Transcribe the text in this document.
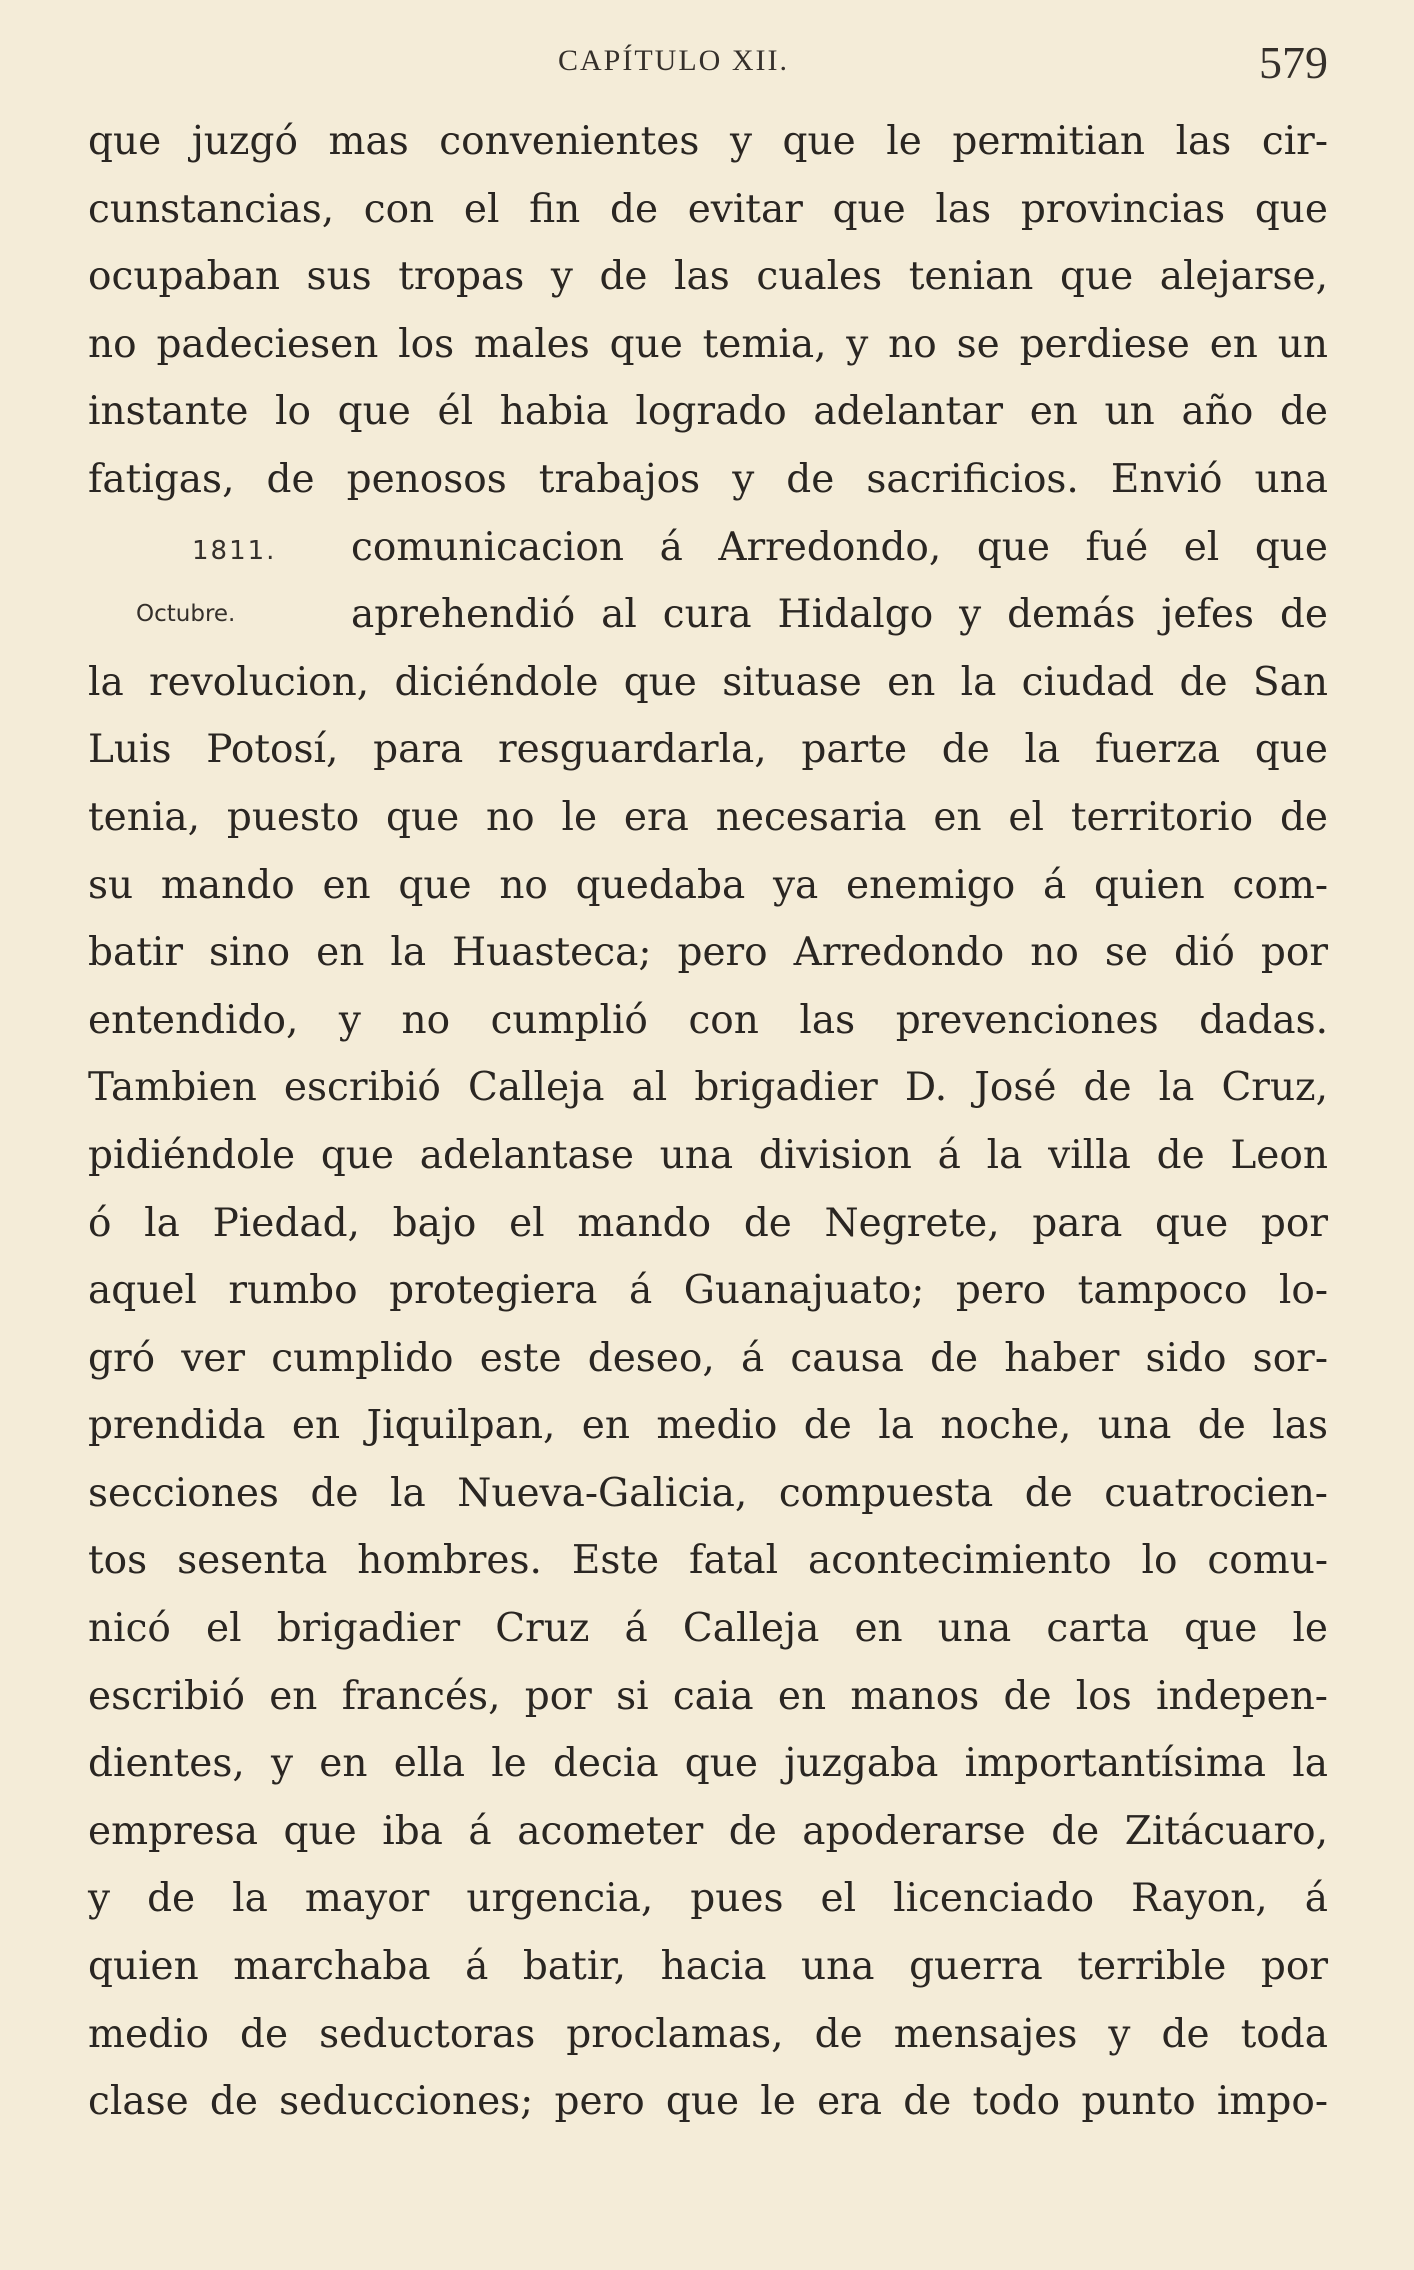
CAPÍTULO XII.	579
que juzgó mas convenientes y que le permitian las cir-
cunstancias, con el fin de evitar que las provincias que
ocupaban sus tropas y de las cuales tenian que alejarse,
no padeciesen los males que temia, y no se perdiese en un
instante lo que él habia logrado adelantar en un año de
fatigas, de penosos trabajos y de sacrificios. Envió una
1811. comunicacion á Arredondo, que fué el que
Octubre.	aprehendió al cura Hidalgo y demás jefes de
la revolucion, diciéndole que situase en la ciudad de San
Luis Potosí, para resguardarla, parte de la fuerza que
tenia, puesto que no le era necesaria en el territorio de
su mando en que no quedaba ya enemigo á quien com-
batir sino en la Huasteca; pero Arredondo no se dió por
entendido, y no cumplió con las prevenciones dadas.
Tambien escribió Calleja al brigadier D. José de la Cruz,
pidiéndole que adelantase una division á la villa de Leon
ó la Piedad, bajo el mando de Negrete, para que por
aquel rumbo protegiera á Guanajuato; pero tampoco lo-
gró ver cumplido este deseo, á causa de haber sido sor-
prendida en Jiquilpan, en medio de la noche, una de las
secciones de la Nueva-Galicia, compuesta de cuatrocien-
tos sesenta hombres. Este fatal acontecimiento lo comu-
nicó el brigadier Cruz á Calleja en una carta que le
escribió en francés, por si caia en manos de los indepen-
dientes, y en ella le decia que juzgaba importantísima la
empresa que iba á acometer de apoderarse de Zitácuaro,
y de la mayor urgencia, pues el licenciado Rayon, á
quien marchaba á batir, hacia una guerra terrible por
medio de seductoras proclamas, de mensajes y de toda
clase de seducciones; pero que le era de todo punto impo-
